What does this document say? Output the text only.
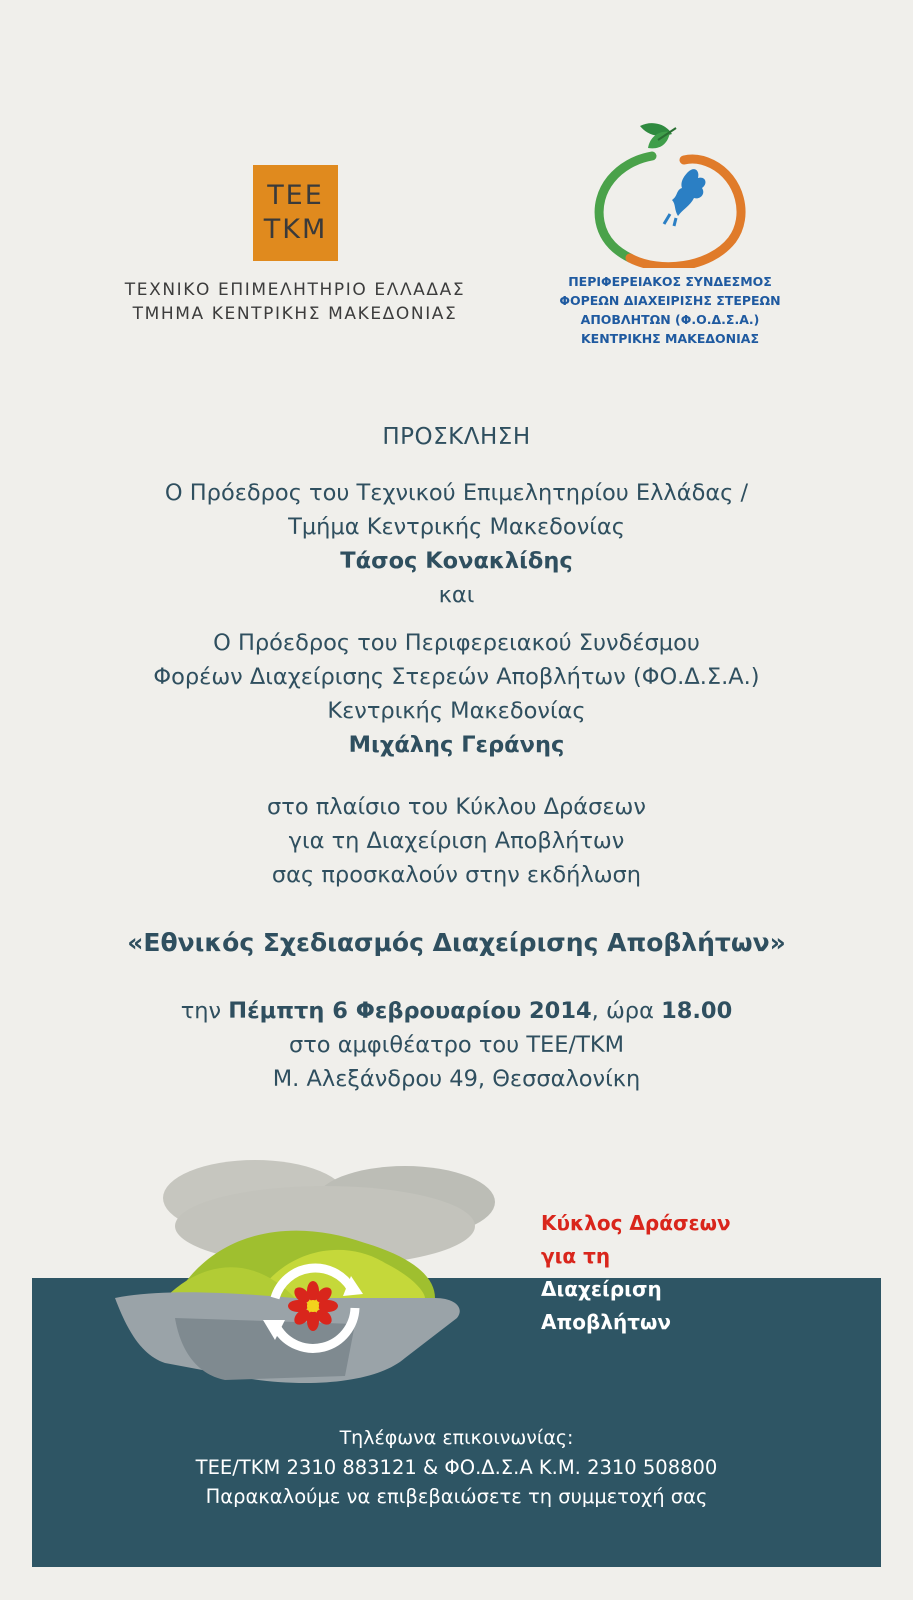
ΤΕΕ
ΤΚΜ
ΤΕΧΝΙΚΟ ΕΠΙΜΕΛΗΤΗΡΙΟ ΕΛΛΑΔΑΣ
ΤΜΗΜΑ ΚΕΝΤΡΙΚΗΣ ΜΑΚΕΔΟΝΙΑΣ
ΠΕΡΙΦΕΡΕΙΑΚΟΣ ΣΥΝΔΕΣΜΟΣ
ΦΟΡΕΩΝ ΔΙΑΧΕΙΡΙΣΗΣ ΣΤΕΡΕΩΝ
ΑΠΟΒΛΗΤΩΝ (Φ.Ο.Δ.Σ.Α.)
ΚΕΝΤΡΙΚΗΣ ΜΑΚΕΔΟΝΙΑΣ
ΠΡΟΣΚΛΗΣΗ
Ο Πρόεδρος του Τεχνικού Επιμελητηρίου Ελλάδας /
Τμήμα Κεντρικής Μακεδονίας
Τάσος Κονακλίδης
και
Ο Πρόεδρος του Περιφερειακού Συνδέσμου
Φορέων Διαχείρισης Στερεών Αποβλήτων (ΦΟ.Δ.Σ.Α.)
Κεντρικής Μακεδονίας
Μιχάλης Γεράνης
στο πλαίσιο του Κύκλου Δράσεων
για τη Διαχείριση Αποβλήτων
σας προσκαλούν στην εκδήλωση
«Εθνικός Σχεδιασμός Διαχείρισης Αποβλήτων»
την Πέμπτη 6 Φεβρουαρίου 2014, ώρα 18.00
στο αμφιθέατρο του ΤΕΕ/ΤΚΜ
Μ. Αλεξάνδρου 49, Θεσσαλονίκη
Κύκλος Δράσεων
για τη
Διαχείριση
Αποβλήτων
Τηλέφωνα επικοινωνίας:
ΤΕΕ/ΤΚΜ 2310 883121 & ΦΟ.Δ.Σ.Α Κ.Μ. 2310 508800
Παρακαλούμε να επιβεβαιώσετε τη συμμετοχή σας
